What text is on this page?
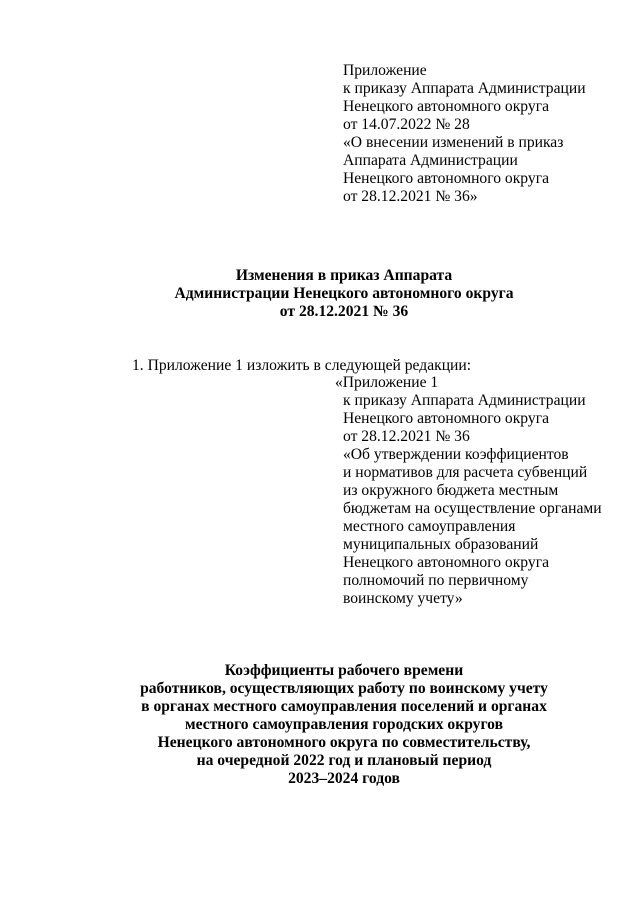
Приложение
к приказу Аппарата Администрации
Ненецкого автономного округа
от 14.07.2022 № 28
«О внесении изменений в приказ
Аппарата Администрации
Ненецкого автономного округа
от 28.12.2021 № 36»
Изменения в приказ Аппарата
Администрации Ненецкого автономного округа
от 28.12.2021 № 36
1. Приложение 1 изложить в следующей редакции:
«Приложение 1
к приказу Аппарата Администрации
Ненецкого автономного округа
от 28.12.2021 № 36
«Об утверждении коэффициентов
и нормативов для расчета субвенций
из окружного бюджета местным
бюджетам на осуществление органами
местного самоуправления
муниципальных образований
Ненецкого автономного округа
полномочий по первичному
воинскому учету»
Коэффициенты рабочего времени
работников, осуществляющих работу по воинскому учету
в органах местного самоуправления поселений и органах
местного самоуправления городских округов
Ненецкого автономного округа по совместительству,
на очередной 2022 год и плановый период
2023–2024 годов
